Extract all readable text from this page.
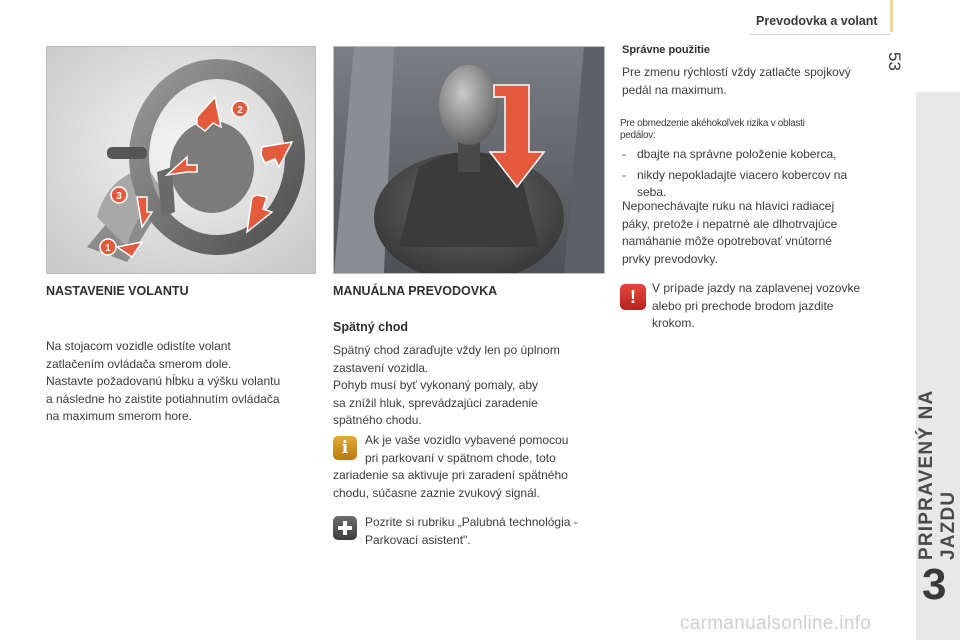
Prevodovka a volant
53
PRIPRAVENÝ NA JAZDU
3
2
3
1
NASTAVENIE VOLANTU
Na stojacom vozidle odistíte volant
zatlačením ovládača smerom dole.
Nastavte požadovanú hĺbku a výšku volantu
a následne ho zaistite potiahnutím ovládača
na maximum smerom hore.
MANUÁLNA PREVODOVKA
Spätný chod
Spätný chod zaraďujte vždy len po úplnom
zastavení vozidla.
Pohyb musí byť vykonaný pomaly, aby
sa znížil hluk, sprevádzajúci zaradenie
spätného chodu.
i	Ak je vaše vozidlo vybavené pomocou
pri parkovaní v spätnom chode, toto
zariadenie sa aktivuje pri zaradení spätného
chodu, súčasne zaznie zvukový signál.
Pozrite si rubriku „Palubná technológia -
Parkovací asistent".
Správne použitie
Pre zmenu rýchlostí vždy zatlačte spojkový
pedál na maximum.
Pre obmedzenie akéhokoľvek rizika v oblasti
pedálov:
- dbajte na správne položenie koberca,
- nikdy nepokladajte viacero kobercov na
seba.
Neponechávajte ruku na hlavici radiacej
páky, pretože i nepatrné ale dlhotrvajúce
namáhanie môže opotrebovať vnútorné
prvky prevodovky.
!	V prípade jazdy na zaplavenej vozovke
alebo pri prechode brodom jazdite
krokom.
carmanualsonline.info
